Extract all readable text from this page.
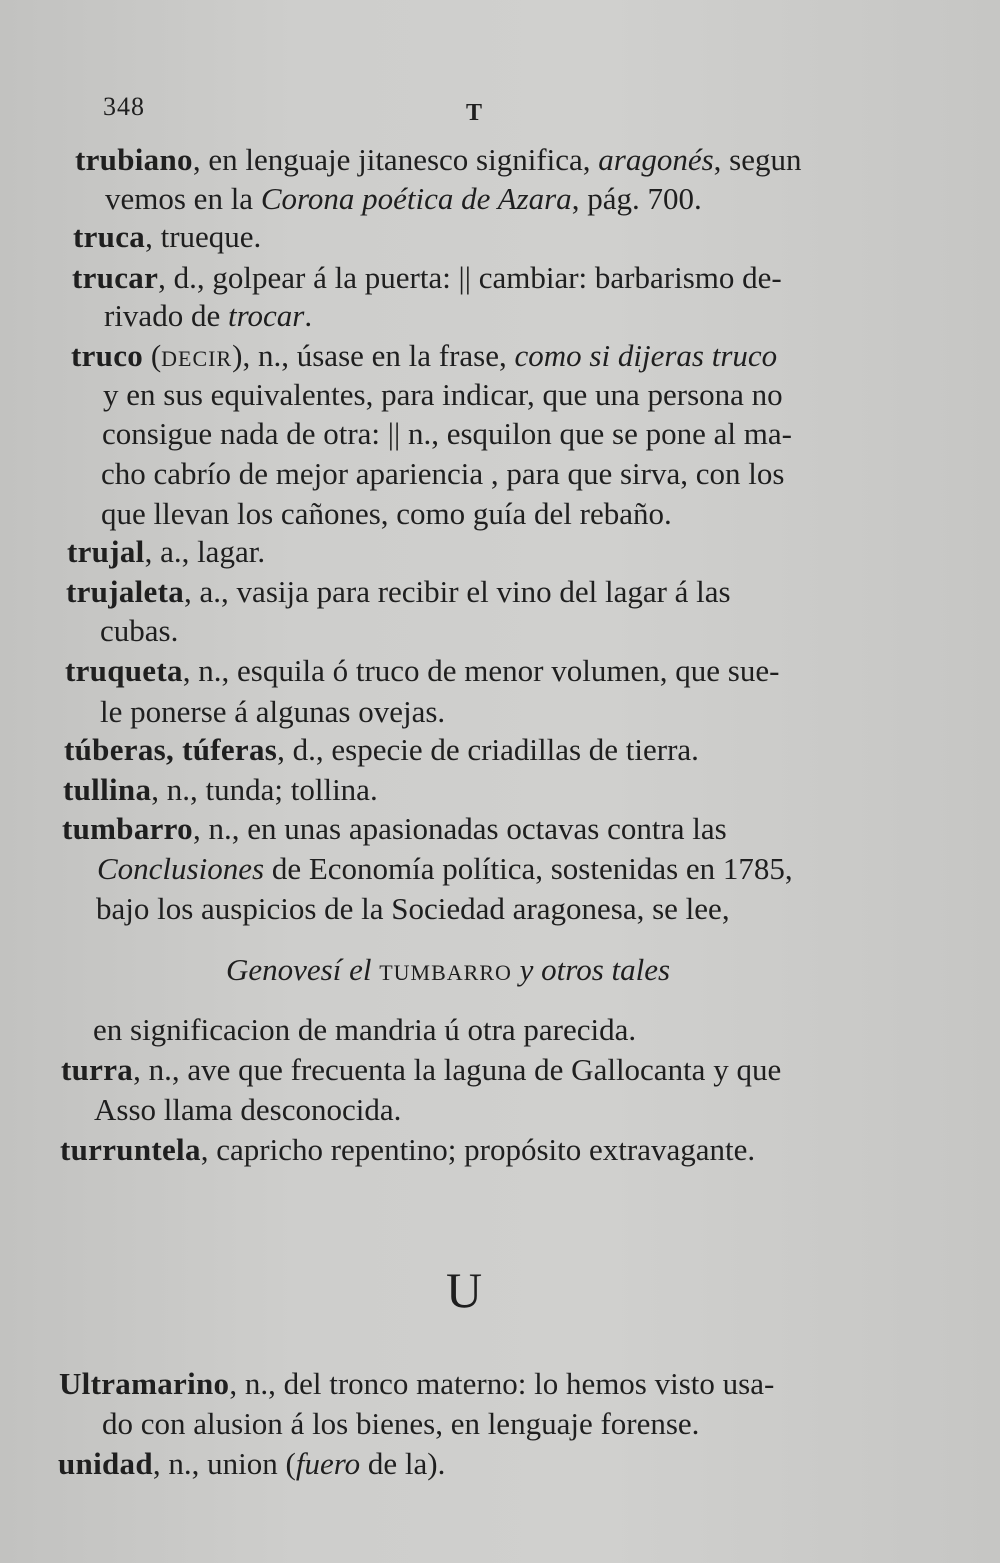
348	T
trubiano, en lenguaje jitanesco significa, aragonés, segun
vemos en la Corona poética de Azara, pág. 700.
truca, trueque.
trucar, d., golpear á la puerta: || cambiar: barbarismo de-
rivado de trocar.
truco (DECIR), n., úsase en la frase, como si dijeras truco
y en sus equivalentes, para indicar, que una persona no
consigue nada de otra: || n., esquilon que se pone al ma-
cho cabrío de mejor apariencia , para que sirva, con los
que llevan los cañones, como guía del rebaño.
trujal, a., lagar.
trujaleta, a., vasija para recibir el vino del lagar á las
cubas.
truqueta, n., esquila ó truco de menor volumen, que sue-
le ponerse á algunas ovejas.
túberas, túferas, d., especie de criadillas de tierra.
tullina, n., tunda; tollina.
tumbarro, n., en unas apasionadas octavas contra las
Conclusiones de Economía política, sostenidas en 1785,
bajo los auspicios de la Sociedad aragonesa, se lee,
Genovesí el TUMBARRO y otros tales
en significacion de mandria ú otra parecida.
turra, n., ave que frecuenta la laguna de Gallocanta y que
Asso llama desconocida.
turruntela, capricho repentino; propósito extravagante.
U
Ultramarino, n., del tronco materno: lo hemos visto usa-
do con alusion á los bienes, en lenguaje forense.
unidad, n., union (fuero de la).
